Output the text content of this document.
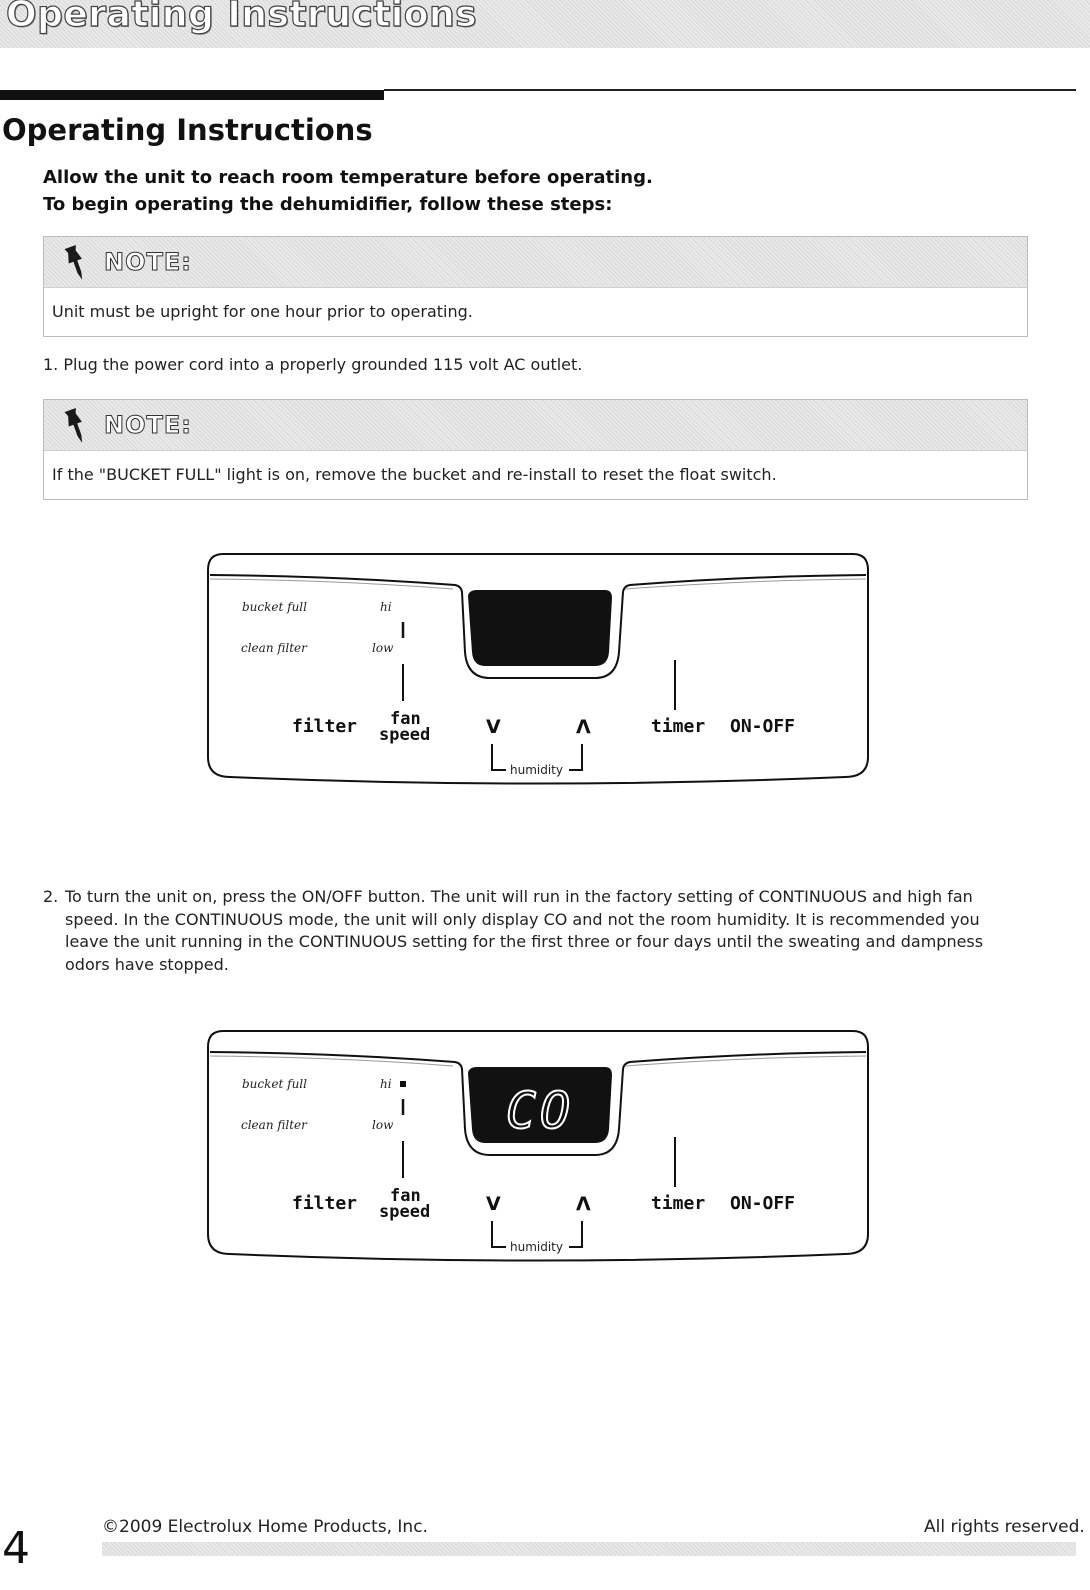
Operating Instructions
Operating Instructions
Allow the unit to reach room temperature before operating.
To begin operating the dehumidifier, follow these steps:
NOTE:
Unit must be upright for one hour prior to operating.
1. Plug the power cord into a properly grounded 115 volt AC outlet.
NOTE:
If the "BUCKET FULL" light is on, remove the bucket and re-install to reset the float switch.
bucket full
clean filter
hi
low
filter fan
speed	V	Λ	timer ON-OFF
humidity
2. To turn the unit on, press the ON/OFF button. The unit will run in the factory setting of CONTINUOUS and high fan speed. In the CONTINUOUS mode, the unit will only display CO and not the room humidity. It is recommended you leave the unit running in the CONTINUOUS setting for the first three or four days until the sweating and dampness odors have stopped.
CO
bucket full
clean filter
hi
low
filter fan
speed	V	Λ	timer ON-OFF
humidity
4	©2009 Electrolux Home Products, Inc.	All rights reserved.
